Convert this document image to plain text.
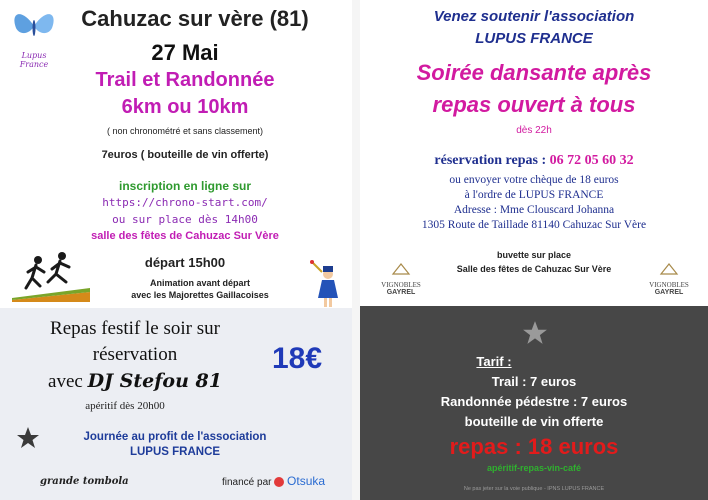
Lupus France
Cahuzac sur vère (81)
27 Mai
Trail et Randonnée
6km ou 10km
( non chronométré et sans classement)
7euros ( bouteille de vin offerte)
inscription en ligne sur
https://chrono-start.com/
ou sur place dès 14h00
salle des fêtes de Cahuzac Sur Vère
départ 15h00
Animation avant départ
avec les Majorettes Gaillacoises
Repas festif le soir sur
réservation
avec DJ Stefou 81
18€
apéritif dès 20h00
Journée au profit de l'association
LUPUS FRANCE
grande tombola	financé par Otsuka
Venez soutenir l'association
LUPUS FRANCE
Soirée dansante après
repas ouvert à tous
dès 22h
réservation repas : 06 72 05 60 32
ou envoyer votre chèque de 18 euros
à l'ordre de LUPUS FRANCE
Adresse : Mme Clouscard Johanna
1305 Route de Taillade 81140 Cahuzac Sur Vère
buvette sur place
Salle des fêtes de Cahuzac Sur Vère
VIGNOBLES
GAYREL
VIGNOBLES
GAYREL
Tarif :
Trail : 7 euros
Randonnée pédestre : 7 euros
bouteille de vin offerte
repas : 18 euros
apéritif-repas-vin-café
Ne pas jeter sur la voie publique - IPNS LUPUS FRANCE
